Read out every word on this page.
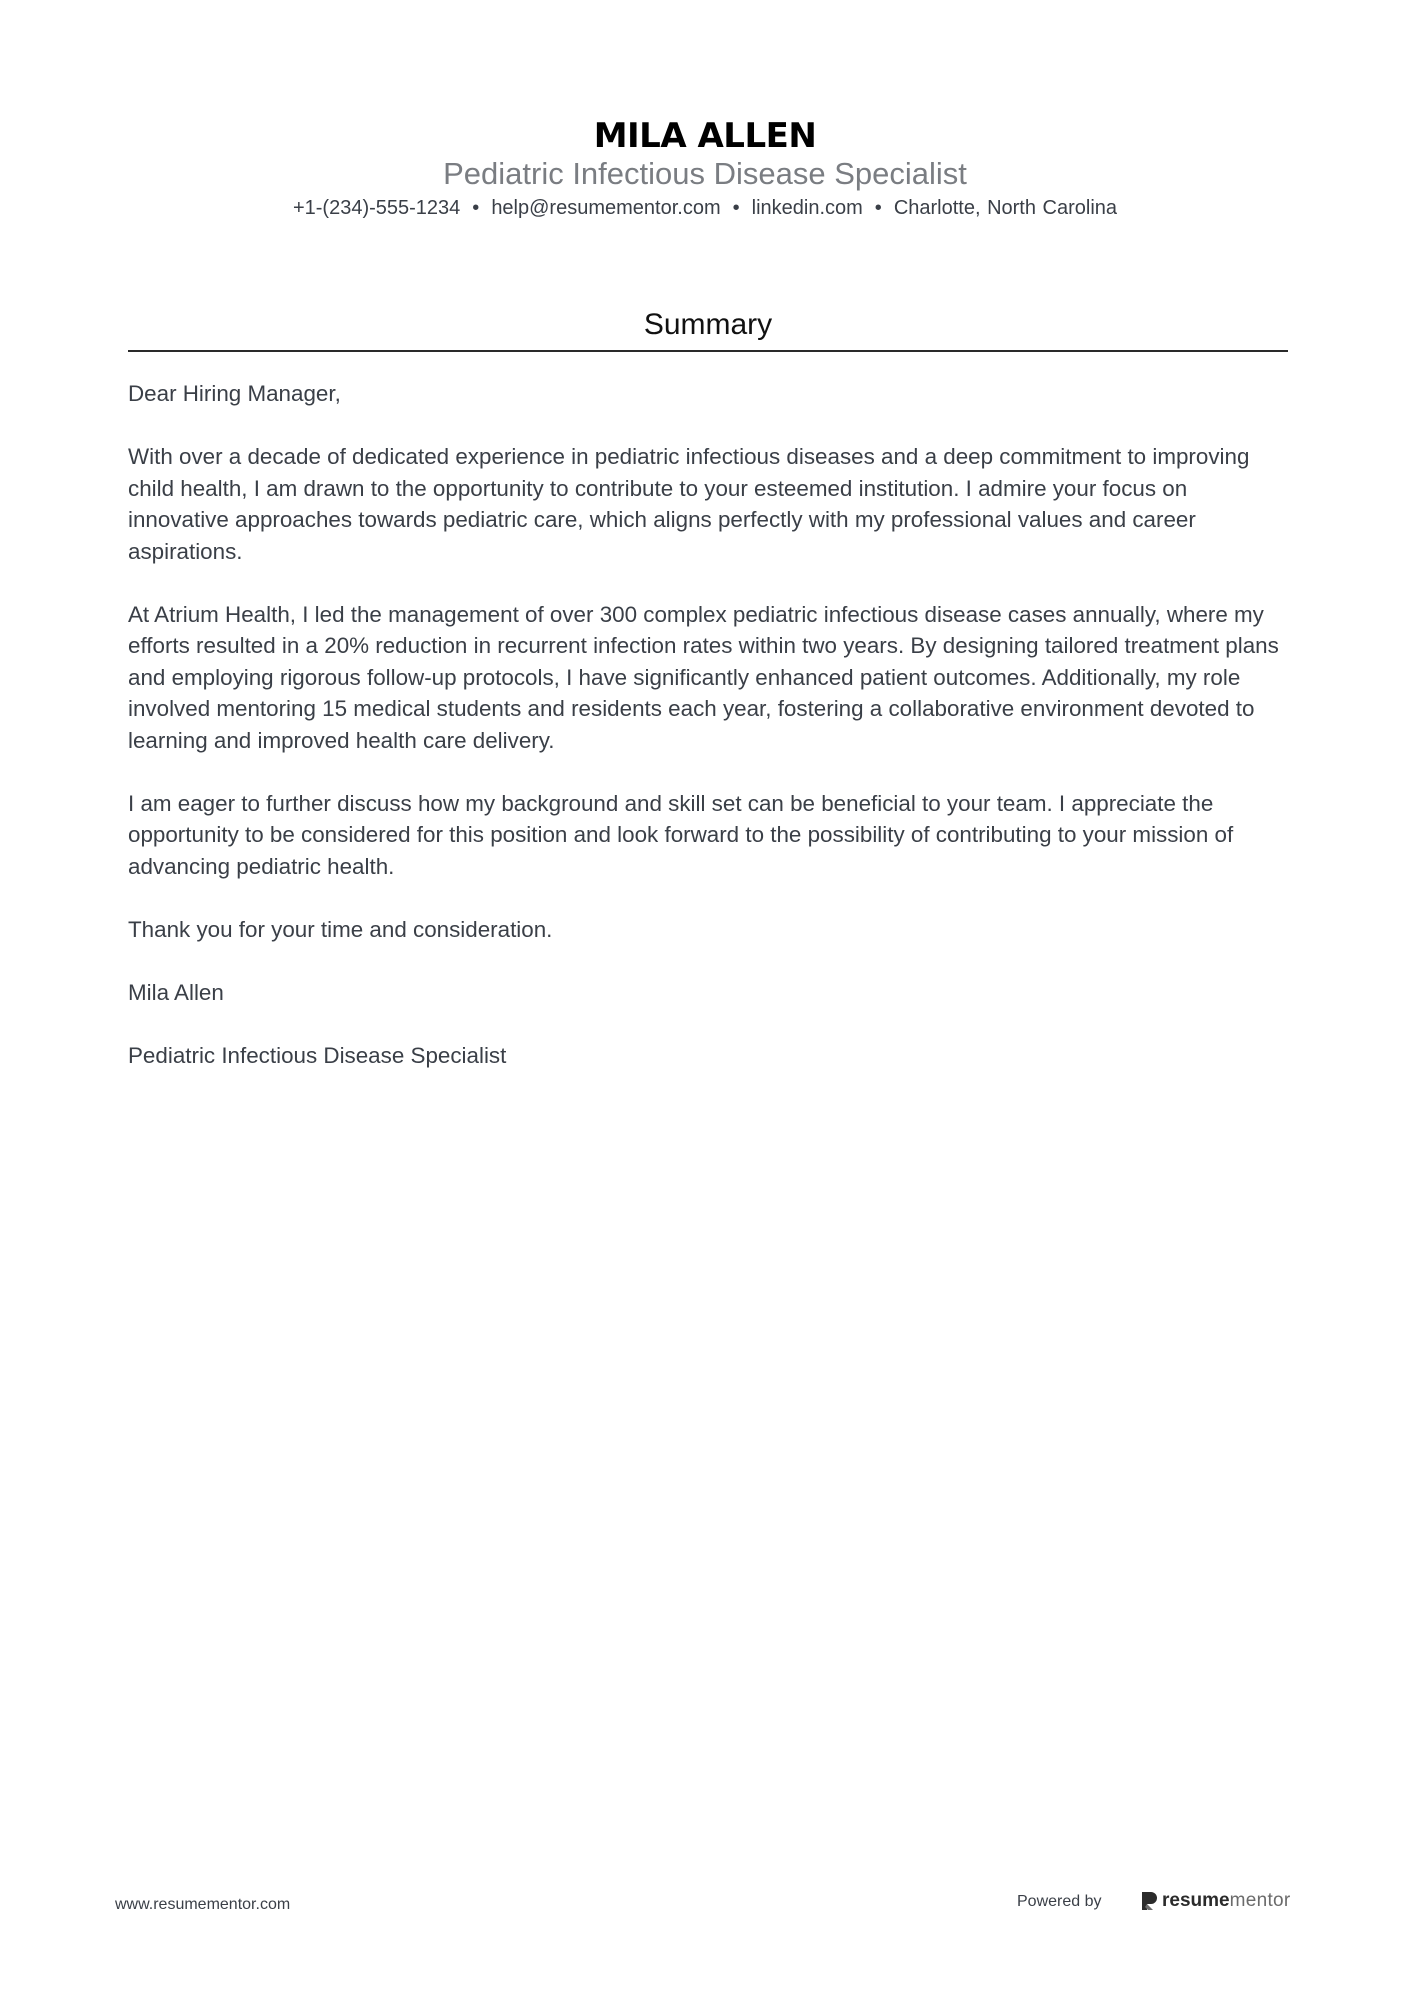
MILA ALLEN
Pediatric Infectious Disease Specialist
+1-(234)-555-1234 • help@resumementor.com • linkedin.com • Charlotte, North Carolina
Summary

Dear Hiring Manager,

With over a decade of dedicated experience in pediatric infectious diseases and a deep commitment to improving child health, I am drawn to the opportunity to contribute to your esteemed institution. I admire your focus on innovative approaches towards pediatric care, which aligns perfectly with my professional values and career aspirations.

At Atrium Health, I led the management of over 300 complex pediatric infectious disease cases annually, where my efforts resulted in a 20% reduction in recurrent infection rates within two years. By designing tailored treatment plans and employing rigorous follow-up protocols, I have significantly enhanced patient outcomes. Additionally, my role involved mentoring 15 medical students and residents each year, fostering a collaborative environment devoted to learning and improved health care delivery.

I am eager to further discuss how my background and skill set can be beneficial to your team. I appreciate the opportunity to be considered for this position and look forward to the possibility of contributing to your mission of advancing pediatric health.

Thank you for your time and consideration.

Mila Allen

Pediatric Infectious Disease Specialist

www.resumementor.com	Powered by	resume mentor
